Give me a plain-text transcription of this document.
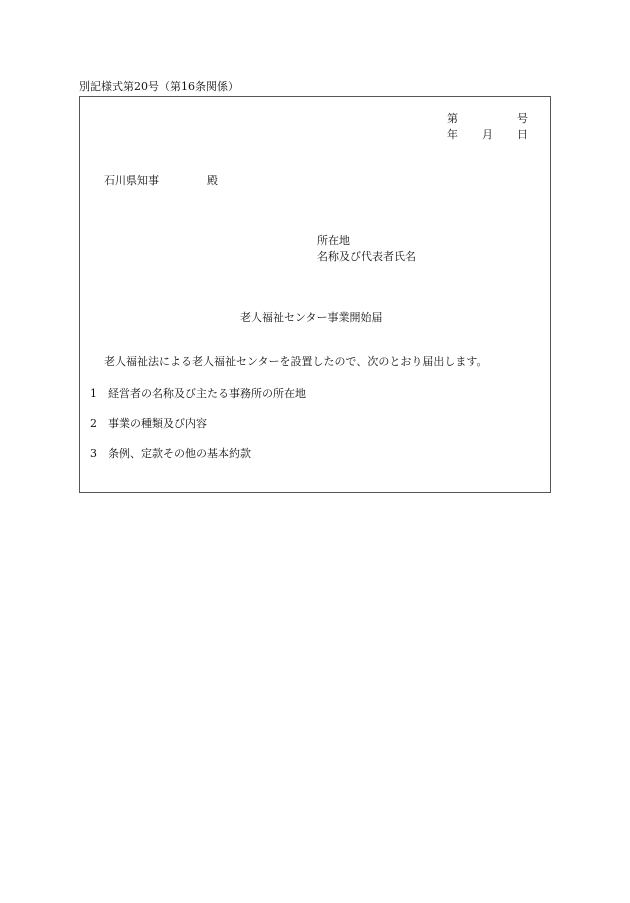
別記様式第20号（第16条関係）
第	号
年 月 日
石川県知事	殿
所在地
名称及び代表者氏名
老人福祉センター事業開始届
老人福祉法による老人福祉センターを設置したので、次のとおり届出します。
1 経営者の名称及び主たる事務所の所在地
2 事業の種類及び内容
3 条例、定款その他の基本約款
